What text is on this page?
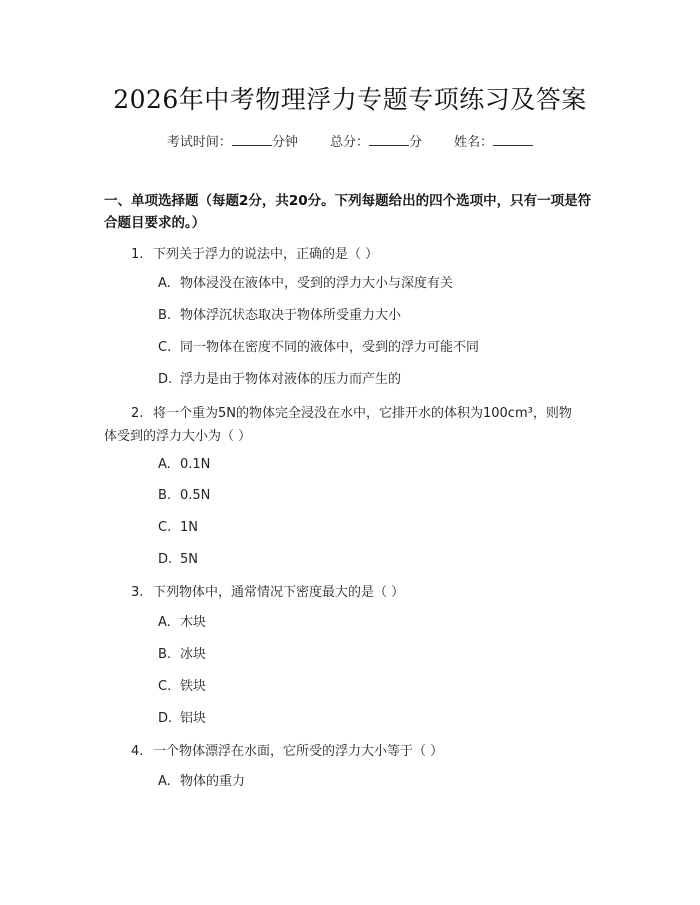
2026年中考物理浮力专题专项练习及答案
考试时间：	分钟 总分：	分 姓名：
一、单项选择题（每题2分，共20分。下列每题给出的四个选项中，只有一项是符合题目要求的。）
1. 下列关于浮力的说法中，正确的是（ ）
A. 物体浸没在液体中，受到的浮力大小与深度有关
B. 物体浮沉状态取决于物体所受重力大小
C. 同一物体在密度不同的液体中，受到的浮力可能不同
D. 浮力是由于物体对液体的压力而产生的
2. 将一个重为5N的物体完全浸没在水中，它排开水的体积为100cm³，则物
体受到的浮力大小为（ ）
A. 0.1N
B. 0.5N
C. 1N
D. 5N
3. 下列物体中，通常情况下密度最大的是（ ）
A. 木块
B. 冰块
C. 铁块
D. 铝块
4. 一个物体漂浮在水面，它所受的浮力大小等于（ ）
A. 物体的重力
